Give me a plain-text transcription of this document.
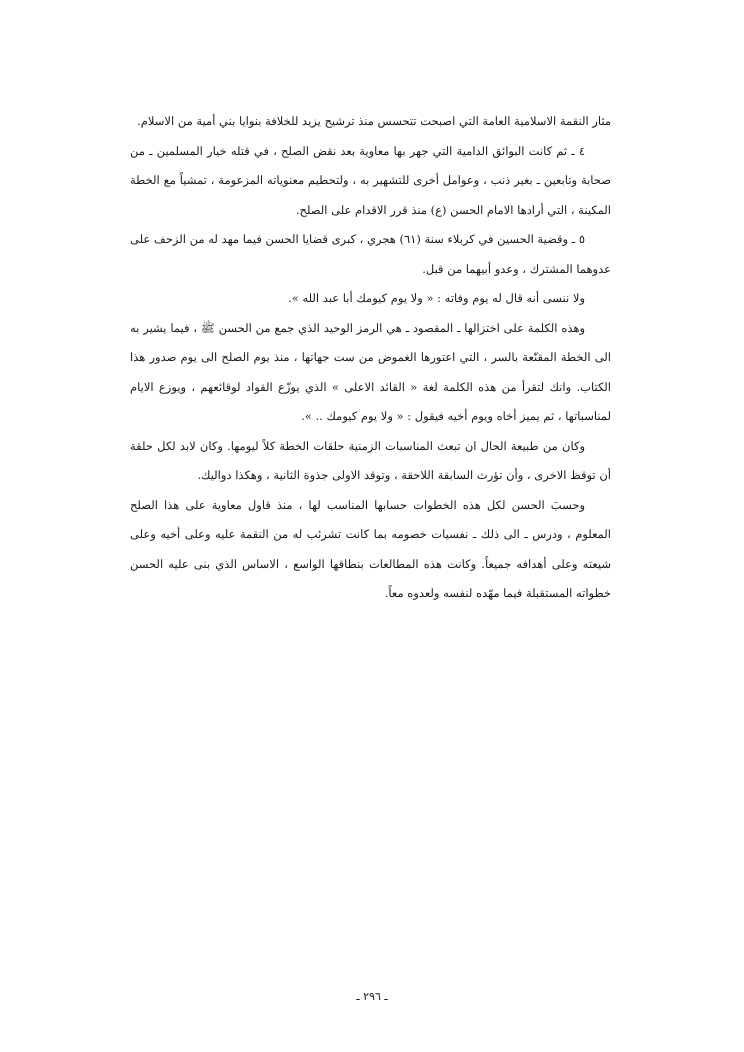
مثار النقمة الاسلامية العامة التي اصبحت تتحسس منذ ترشيح يزيد للخلافة بنوايا بني أمية من الاسلام.

٤ ـ ثم كانت البوائق الدامية التي جهر بها معاوية بعد نقض الصلح ، في قتله خيار المسلمين ـ من صحابة وتابعين ـ بغير ذنب ، وعوامل أخرى للتشهير به ، ولتحطيم معنوياته المزعومة ، تمشياً مع الخطة المكينة ، التي أرادها الامام الحسن (ع) منذ قرر الاقدام على الصلح.

٥ ـ وقضية الحسين في كربلاء سنة (٦١) هجري ، كبرى قضايا الحسن فيما مهد له من الزحف على عدوهما المشترك ، وعدو أبيهما من قبل.

ولا ننسى أنه قال له يوم وفاته : « ولا يوم كيومك أبا عبد الله ».

وهذه الكلمة على اختزالها ـ المقصود ـ هي الرمز الوحيد الذي جمع من الحسن ﷺ ، فيما يشير به الى الخطة المقنّعة بالسر ، التي اعتورها الغموض من ست جهاتها ، منذ يوم الصلح الى يوم صدور هذا الكتاب. وانك لتقرأ من هذه الكلمة لغة « القائد الاعلى » الذي يوزّع القواد لوقائعهم ، ويوزع الايام لمناسباتها ، ثم يميز أخاه ويوم أخيه فيقول : « ولا يوم كيومك .. ».

وكان من طبيعة الحال ان تبعث المناسبات الزمنية حلقات الخطة كلاً ليومها. وكان لابد لكل حلقة أن توقظ الاخرى ، وأن تؤرث السابقة اللاحقة ، وتوقد الاولى جذوة الثانية ، وهكذا دواليك.

وحسبَ الحسن لكل هذه الخطوات حسابها المناسب لها ، منذ قاول معاوية على هذا الصلح المعلوم ، ودرس ـ الى ذلك ـ نفسيات خصومه بما كانت تشرئب له من النقمة عليه وعلى أخيه وعلى شيعته وعلى أهدافه جميعاً. وكانت هذه المطالعات بنطاقها الواسع ، الاساس الذي بنى عليه الحسن خطواته المستقبلة فيما مهّده لنفسه ولعدوه معاً.

ـ ٢٩٦ ـ
